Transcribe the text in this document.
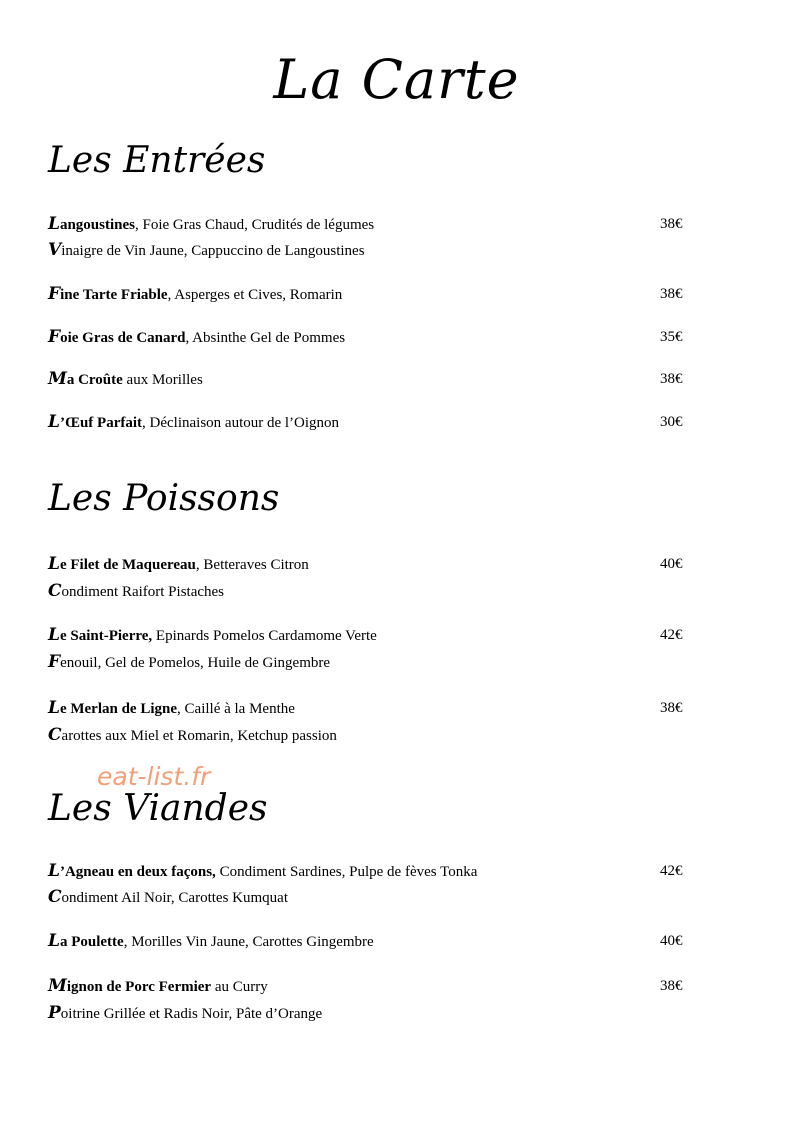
La Carte
Les Entrées
Langoustines, Foie Gras Chaud, Crudités de légumes	38€
Vinaigre de Vin Jaune, Cappuccino de Langoustines
Fine Tarte Friable, Asperges et Cives, Romarin	38€
Foie Gras de Canard, Absinthe Gel de Pommes	35€
Ma Croûte aux Morilles	38€
L’Œuf Parfait, Déclinaison autour de l’Oignon	30€
Les Poissons
Le Filet de Maquereau, Betteraves Citron	40€
Condiment Raifort Pistaches
Le Saint-Pierre, Epinards Pomelos Cardamome Verte	42€
Fenouil, Gel de Pomelos, Huile de Gingembre
Le Merlan de Ligne, Caillé à la Menthe	38€
Carottes aux Miel et Romarin, Ketchup passion
eat-list.fr
Les Viandes
L’Agneau en deux façons, Condiment Sardines, Pulpe de fèves Tonka	42€
Condiment Ail Noir, Carottes Kumquat
La Poulette, Morilles Vin Jaune, Carottes Gingembre	40€
Mignon de Porc Fermier au Curry	38€
Poitrine Grillée et Radis Noir, Pâte d’Orange
